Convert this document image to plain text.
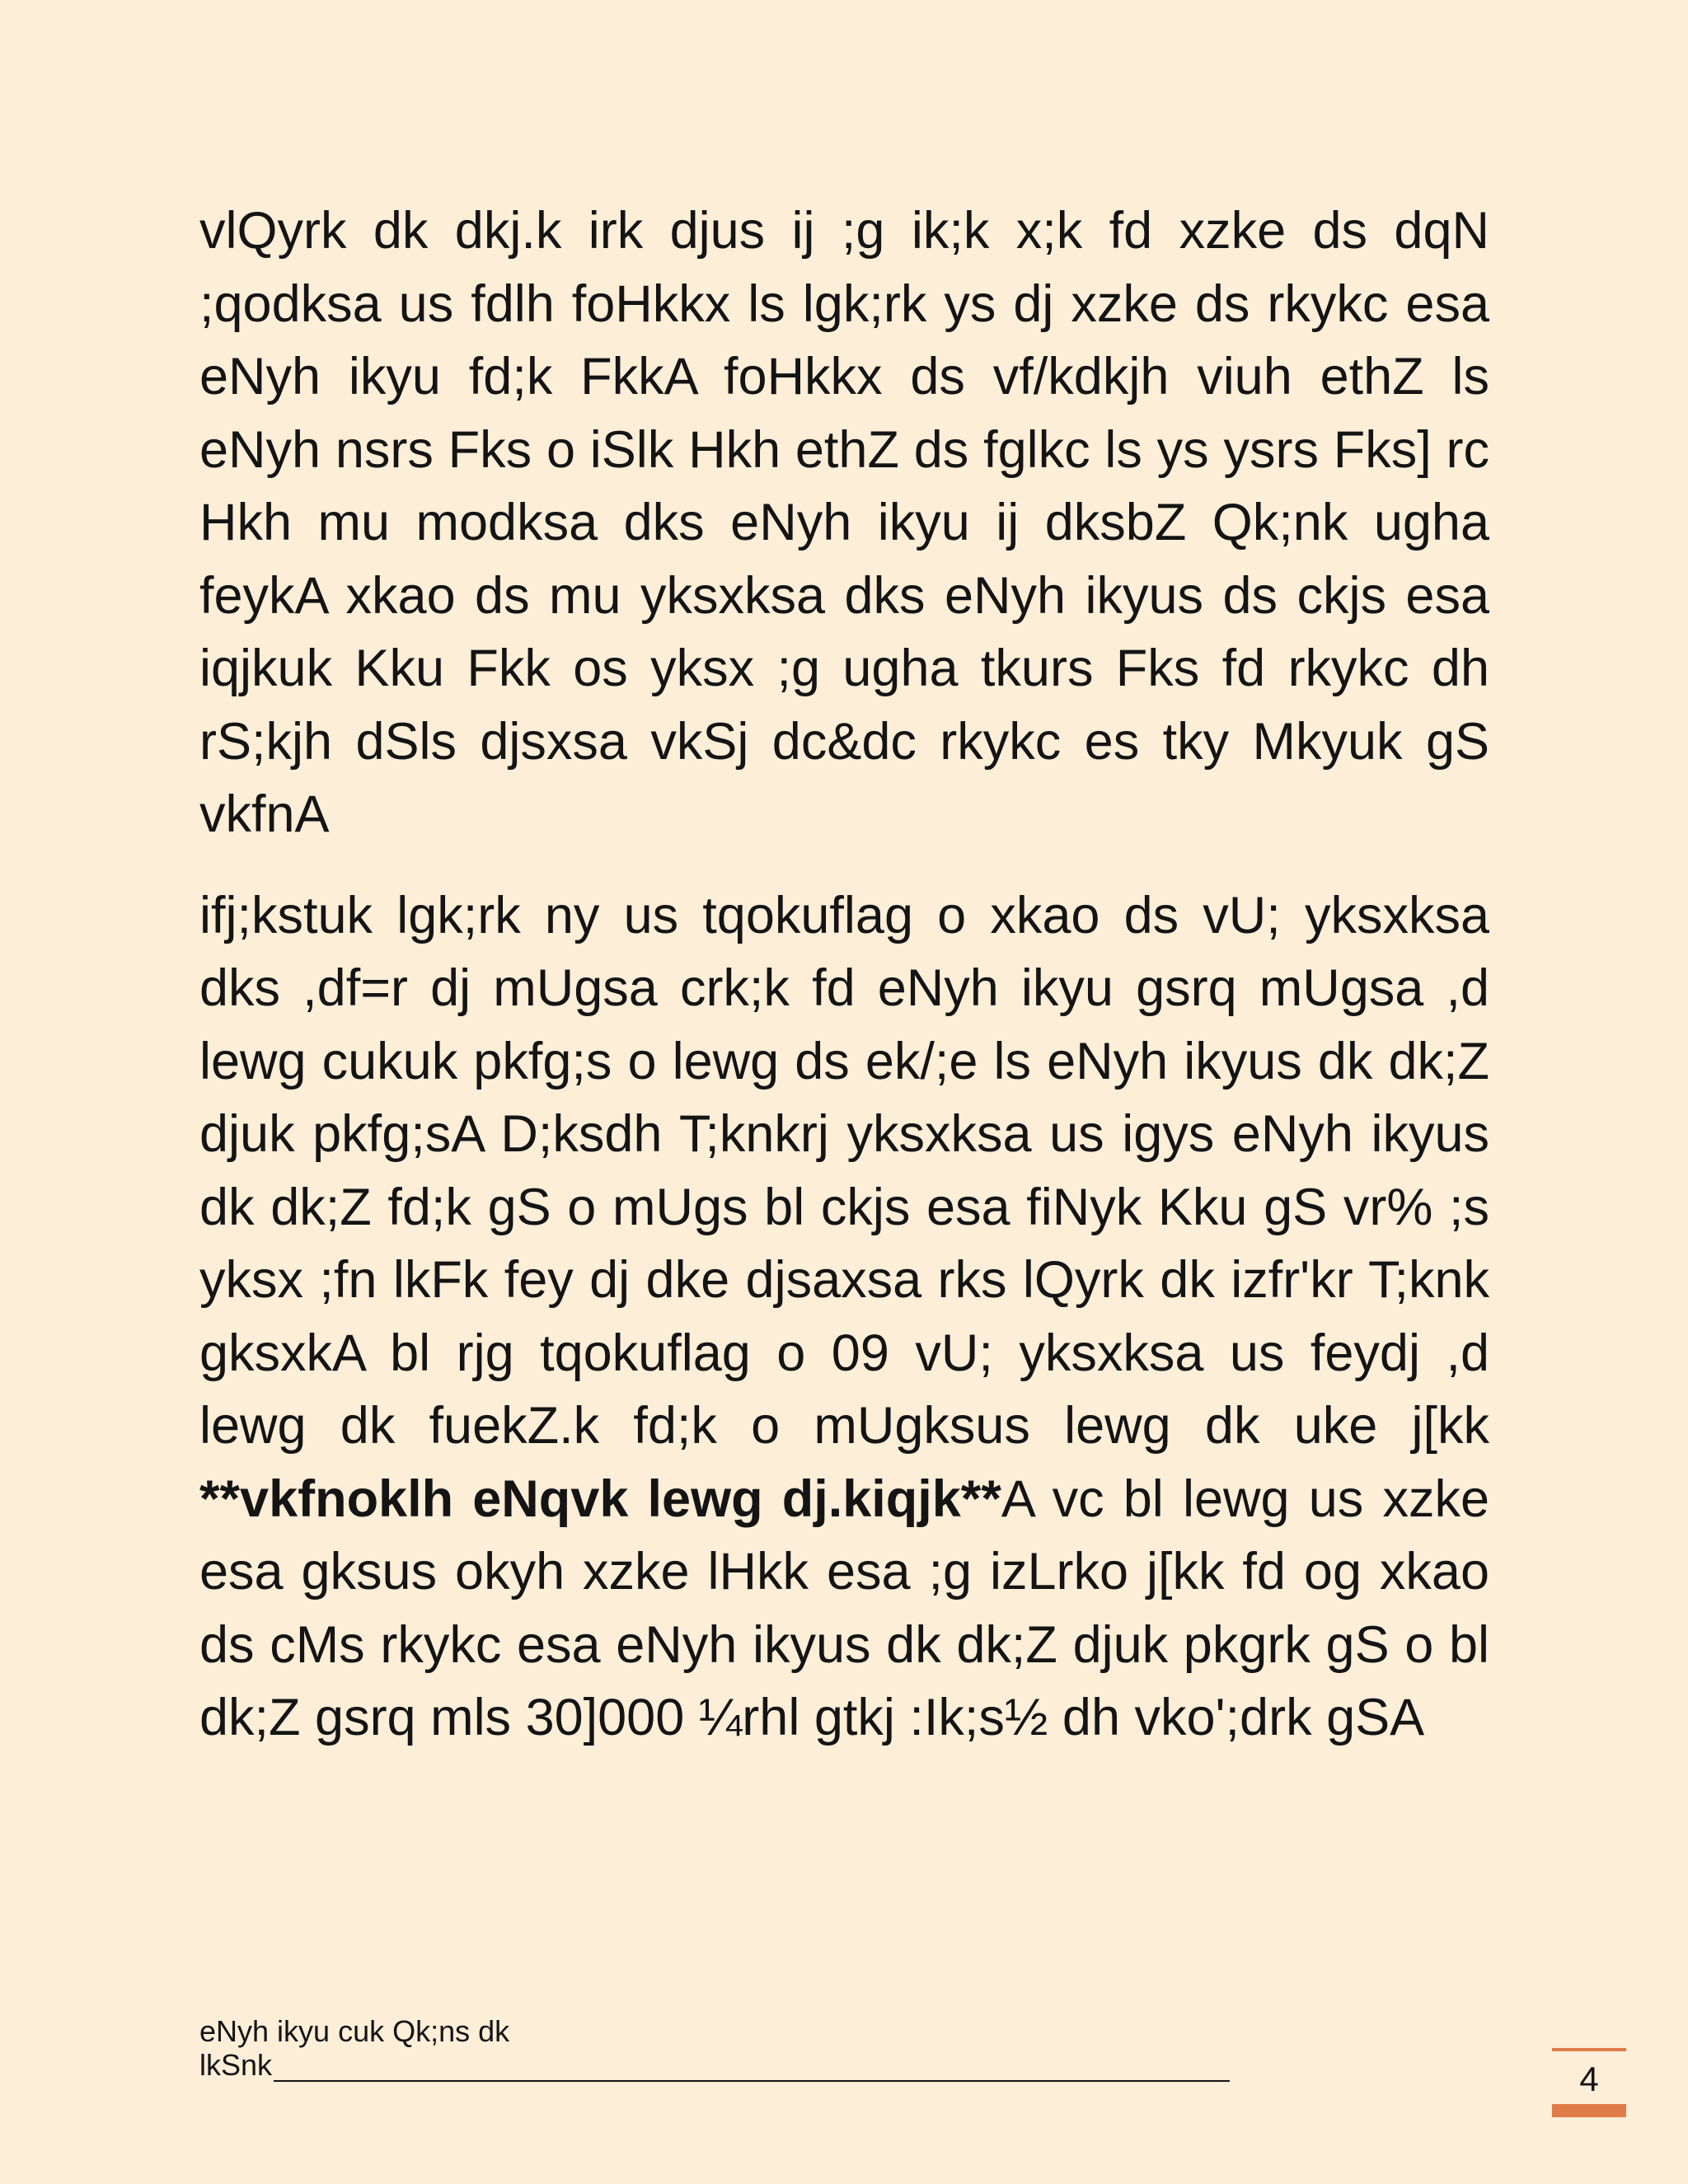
vlQyrk dk dkj.k irk djus ij ;g ik;k x;k fd xzke ds dqN ;qodksa us fdlh foHkkx ls lgk;rk ys dj xzke ds rkykc esa eNyh ikyu fd;k FkkA foHkkx ds vf/kdkjh viuh ethZ ls eNyh nsrs Fks o iSlk Hkh ethZ ds fglkc ls ys ysrs Fks] rc Hkh mu modksa dks eNyh ikyu ij dksbZ Qk;nk ugha feykA xkao ds mu yksxksa dks eNyh ikyus ds ckjs esa iqjkuk Kku Fkk os yksx ;g ugha tkurs Fks fd rkykc dh rS;kjh dSls djsxsa vkSj dc&dc rkykc es tky Mkyuk gS vkfnA

ifj;kstuk lgk;rk ny us tqokuflag o xkao ds vU; yksxksa dks ,df=r dj mUgsa crk;k fd eNyh ikyu gsrq mUgsa ,d lewg cukuk pkfg;s o lewg ds ek/;e ls eNyh ikyus dk dk;Z djuk pkfg;sA D;ksdh T;knkrj yksxksa us igys eNyh ikyus dk dk;Z fd;k gS o mUgs bl ckjs esa fiNyk Kku gS vr% ;s yksx ;fn lkFk fey dj dke djsaxsa rks lQyrk dk izfr'kr T;knk gksxkA bl rjg tqokuflag o 09 vU; yksxksa us feydj ,d lewg dk fuekZ.k fd;k o mUgksus lewg dk uke j[kk **vkfnoklh eNqvk lewg dj.kiqjk**A vc bl lewg us xzke esa gksus okyh xzke lHkk esa ;g izLrko j[kk fd og xkao ds cMs rkykc esa eNyh ikyus dk dk;Z djuk pkgrk gS o bl dk;Z gsrq mls 30]000 ¼rhl gtkj :Ik;s½ dh vko';drk gSA

eNyh ikyu cuk Qk;ns dk
lkSnk	4
